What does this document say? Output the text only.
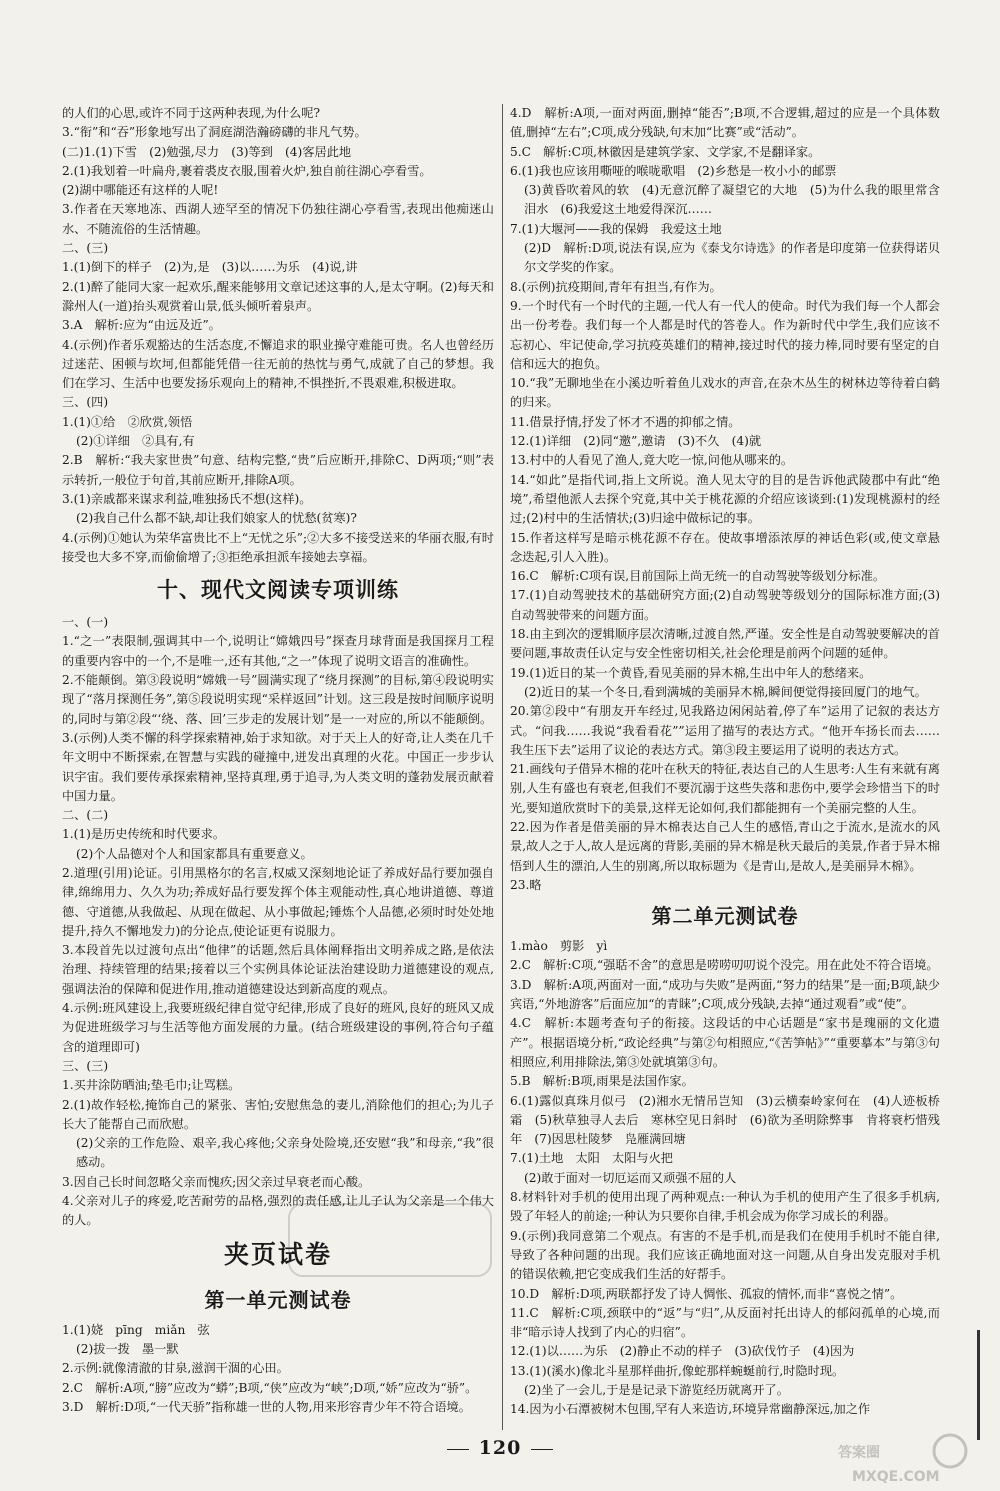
的人们的心思,或许不同于这两种表现,为什么呢?

3.“衔”和“吞”形象地写出了洞庭湖浩瀚磅礴的非凡气势。

(二)1.(1)下雪　(2)勉强,尽力　(3)等到　(4)客居此地

2.(1)我划着一叶扁舟,裹着裘皮衣服,围着火炉,独自前往湖心亭看雪。

(2)湖中哪能还有这样的人呢!

3.作者在天寒地冻、西湖人迹罕至的情况下仍独往湖心亭看雪,表现出他痴迷山水、不随流俗的生活情趣。

二、(三)

1.(1)倒下的样子　(2)为,是　(3)以……为乐　(4)说,讲

2.(1)醉了能同大家一起欢乐,醒来能够用文章记述这事的人,是太守啊。(2)每天和滁州人(一道)抬头观赏着山景,低头倾听着泉声。

3.A　解析:应为“由远及近”。

4.(示例)作者乐观豁达的生活态度,不懈追求的职业操守难能可贵。名人也曾经历过迷茫、困顿与坎坷,但都能凭借一往无前的热忱与勇气,成就了自己的梦想。我们在学习、生活中也要发扬乐观向上的精神,不惧挫折,不畏艰难,积极进取。

三、(四)

1.(1)①给　②欣赏,领悟

(2)①详细　②具有,有

2.B　解析:“我夫家世贵”句意、结构完整,“贵”后应断开,排除C、D两项;“则”表示转折,一般位于句首,其前应断开,排除A项。

3.(1)亲戚都来谋求利益,唯独扬氏不想(这样)。

(2)我自己什么都不缺,却让我们娘家人的忧愁(贫寒)?

4.(示例)①她认为荣华富贵比不上“无忧之乐”;②大多不接受送来的华丽衣服,有时接受也大多不穿,而偷偷增了;③拒绝承担派车接她去享福。

十、现代文阅读专项训练

一、(一)

1.“之一”表限制,强调其中一个,说明让“嫦娥四号”探查月球背面是我国探月工程的重要内容中的一个,不是唯一,还有其他,“之一”体现了说明文语言的准确性。

2.不能颠倒。第③段说明“嫦娥一号”圆满实现了“绕月探测”的目标,第④段说明实现了“落月探测任务”,第⑤段说明实现“采样返回”计划。这三段是按时间顺序说明的,同时与第②段“‘绕、落、回’三步走的发展计划”是一一对应的,所以不能颠倒。

3.(示例)人类不懈的科学探索精神,始于求知欲。对于天上人的好奇,让人类在几千年文明中不断探索,在智慧与实践的碰撞中,迸发出真理的火花。中国正一步步认识宇宙。我们要传承探索精神,坚持真理,勇于追寻,为人类文明的蓬勃发展贡献着中国力量。

二、(二)

1.(1)是历史传统和时代要求。

(2)个人品德对个人和国家都具有重要意义。

2.道理(引用)论证。引用黑格尔的名言,权威又深刻地论证了养成好品行要加强自律,绵绵用力、久久为功;养成好品行要发挥个体主观能动性,真心地讲道德、尊道德、守道德,从我做起、从现在做起、从小事做起;锤炼个人品德,必须时时处处地提升,持久不懈地发力)的分论点,使论证更有说服力。

3.本段首先以过渡句点出“他律”的话题,然后具体阐释指出文明养成之路,是依法治理、持续管理的结果;接着以三个实例具体论证法治建设助力道德建设的观点,强调法治的保障和促进作用,推动道德建设达到新高度的观点。

4.示例:班风建设上,我要班级纪律自觉守纪律,形成了良好的班风,良好的班风又成为促进班级学习与生活等他方面发展的力量。(结合班级建设的事例,符合句子蕴含的道理即可)

三、(三)

1.买井涂防晒油;垫毛巾;让骂糕。

2.(1)故作轻松,掩饰自己的紧张、害怕;安慰焦急的妻儿,消除他们的担心;为儿子长大了能帮自己而欣慰。

(2)父亲的工作危险、艰辛,我心疼他;父亲身处险境,还安慰“我”和母亲,“我”很感动。

3.因自己长时间忽略父亲而愧疚;因父亲过早衰老而心酸。

4.父亲对儿子的疼爱,吃苦耐劳的品格,强烈的责任感,让儿子认为父亲是一个伟大的人。

夹页试卷
第一单元测试卷

1.(1)娆　pīng　miǎn　弦

(2)拔一拨　墨一默

2.示例:就像清澈的甘泉,滋润干涸的心田。

2.C　解析:A项,“膀”应改为“蟒”;B项,“侠”应改为“峡”;D项,“娇”应改为“骄”。

3.D　解析:D项,“一代天骄”指称雄一世的人物,用来形容青少年不符合语境。

4.D　解析:A项,一面对两面,删掉“能否”;B项,不合逻辑,超过的应是一个具体数值,删掉“左右”;C项,成分残缺,句末加“比赛”或“活动”。

5.C　解析:C项,林徽因是建筑学家、文学家,不是翻译家。

6.(1)我也应该用嘶哑的喉咙歌唱　(2)乡愁是一枚小小的邮票

(3)黄昏吹着风的软　(4)无意沉醉了凝望它的大地　(5)为什么我的眼里常含泪水　(6)我爱这土地爱得深沉……

7.(1)大堰河——我的保姆　我爱这土地

(2)D　解析:D项,说法有误,应为《泰戈尔诗选》的作者是印度第一位获得诺贝尔文学奖的作家。

8.(示例)抗疫期间,青年有担当,有作为。

9.一个时代有一个时代的主题,一代人有一代人的使命。时代为我们每一个人都会出一份考卷。我们每一个人都是时代的答卷人。作为新时代中学生,我们应该不忘初心、牢记使命,学习抗疫英雄们的精神,接过时代的接力棒,同时要有坚定的自信和远大的抱负。

10.“我”无聊地坐在小溪边听着鱼儿戏水的声音,在杂木丛生的树林边等待着白鹤的归来。

11.借景抒情,抒发了怀才不遇的抑郁之情。

12.(1)详细　(2)同“邀”,邀请　(3)不久　(4)就

13.村中的人看见了渔人,竟大吃一惊,问他从哪来的。

14.“如此”是指代词,指上文所说。渔人见太守的目的是告诉他武陵郡中有此“绝境”,希望他派人去探个究竟,其中关于桃花源的介绍应该谈到:(1)发现桃源村的经过;(2)村中的生活情状;(3)归途中做标记的事。

15.作者这样写是暗示桃花源不存在。使故事增添浓厚的神话色彩(或,使文章悬念迭起,引人入胜)。

16.C　解析:C项有误,目前国际上尚无统一的自动驾驶等级划分标准。

17.(1)自动驾驶技术的基础研究方面;(2)自动驾驶等级划分的国际标准方面;(3)自动驾驶带来的问题方面。

18.由主到次的逻辑顺序层次清晰,过渡自然,严谨。安全性是自动驾驶要解决的首要问题,事故责任认定与安全性密切相关,社会伦理是前两个问题的延伸。

19.(1)近日的某一个黄昏,看见美丽的异木棉,生出中年人的愁绪来。

(2)近日的某一个冬日,看到满城的美丽异木棉,瞬间便觉得接回厦门的地气。

20.第②段中“有朋友开车经过,见我路边闲闲站着,停了车”运用了记叙的表达方式。“问我……我说“我看看花””运用了描写的表达方式。“他开车扬长而去……我生压下去”运用了议论的表达方式。第③段主要运用了说明的表达方式。

21.画线句子借异木棉的花叶在秋天的特征,表达自己的人生思考:人生有来就有离别,人生有盛也有衰老,但我们不要沉溺于这些失落和悲伤中,要学会珍惜当下的时光,要知道欣赏时下的美景,这样无论如何,我们都能拥有一个美丽完整的人生。

22.因为作者是借美丽的异木棉表达自己人生的感悟,青山之于流水,是流水的风景,故人之于人,故人是远离的背影,美丽的异木棉是秋天最后的美景,作者于异木棉悟到人生的漂泊,人生的别离,所以取标题为《是青山,是故人,是美丽异木棉》。

23.略

第二单元测试卷

1.mào　剪影　yì

2.C　解析:C项,“强聒不舍”的意思是唠唠叨叨说个没完。用在此处不符合语境。

3.D　解析:A项,两面对一面,“成功与失败”是两面,“努力的结果”是一面;B项,缺少宾语,“外地游客”后面应加“的青睐”;C项,成分残缺,去掉“通过观看”或“使”。

4.C　解析:本题考查句子的衔接。这段话的中心话题是“家书是瑰丽的文化遗产”。根据语境分析,“政论经典”与第②句相照应,“《苦笋帖》”“重要摹本”与第③句相照应,利用排除法,第③处就填第③句。

5.B　解析:B项,雨果是法国作家。

6.(1)露似真珠月似弓　(2)湘水无情吊岂知　(3)云横秦岭家何在　(4)人迹板桥霜　(5)秋草独寻人去后　寒林空见日斜时　(6)欲为圣明除弊事　肯将衰朽惜残年　(7)因思杜陵梦　凫雁满回塘

7.(1)土地　太阳　太阳与火把

(2)敢于面对一切厄运而又顽强不屈的人

8.材料针对手机的使用出现了两种观点:一种认为手机的使用产生了很多手机病,毁了年轻人的前途;一种认为只要你自律,手机会成为你学习成长的利器。

9.(示例)我同意第二个观点。有害的不是手机,而是我们在使用手机时不能自律,导致了各种问题的出现。我们应该正确地面对这一问题,从自身出发克服对手机的错误依赖,把它变成我们生活的好帮手。

10.D　解析:D项,两联都抒发了诗人惆怅、孤寂的情怀,而非“喜悦之情”。

11.C　解析:C项,颈联中的“返”与“归”,从反面衬托出诗人的郁闷孤单的心境,而非“暗示诗人找到了内心的归宿”。

12.(1)以……为乐　(2)静止不动的样子　(3)砍伐竹子　(4)因为

13.(1)(溪水)像北斗星那样曲折,像蛇那样蜿蜒前行,时隐时现。

(2)坐了一会儿,于是是记录下游览经历就离开了。

14.因为小石潭被树木包围,罕有人来造访,环境异常幽静深远,加之作

120	答案圈
MXQE.COM
